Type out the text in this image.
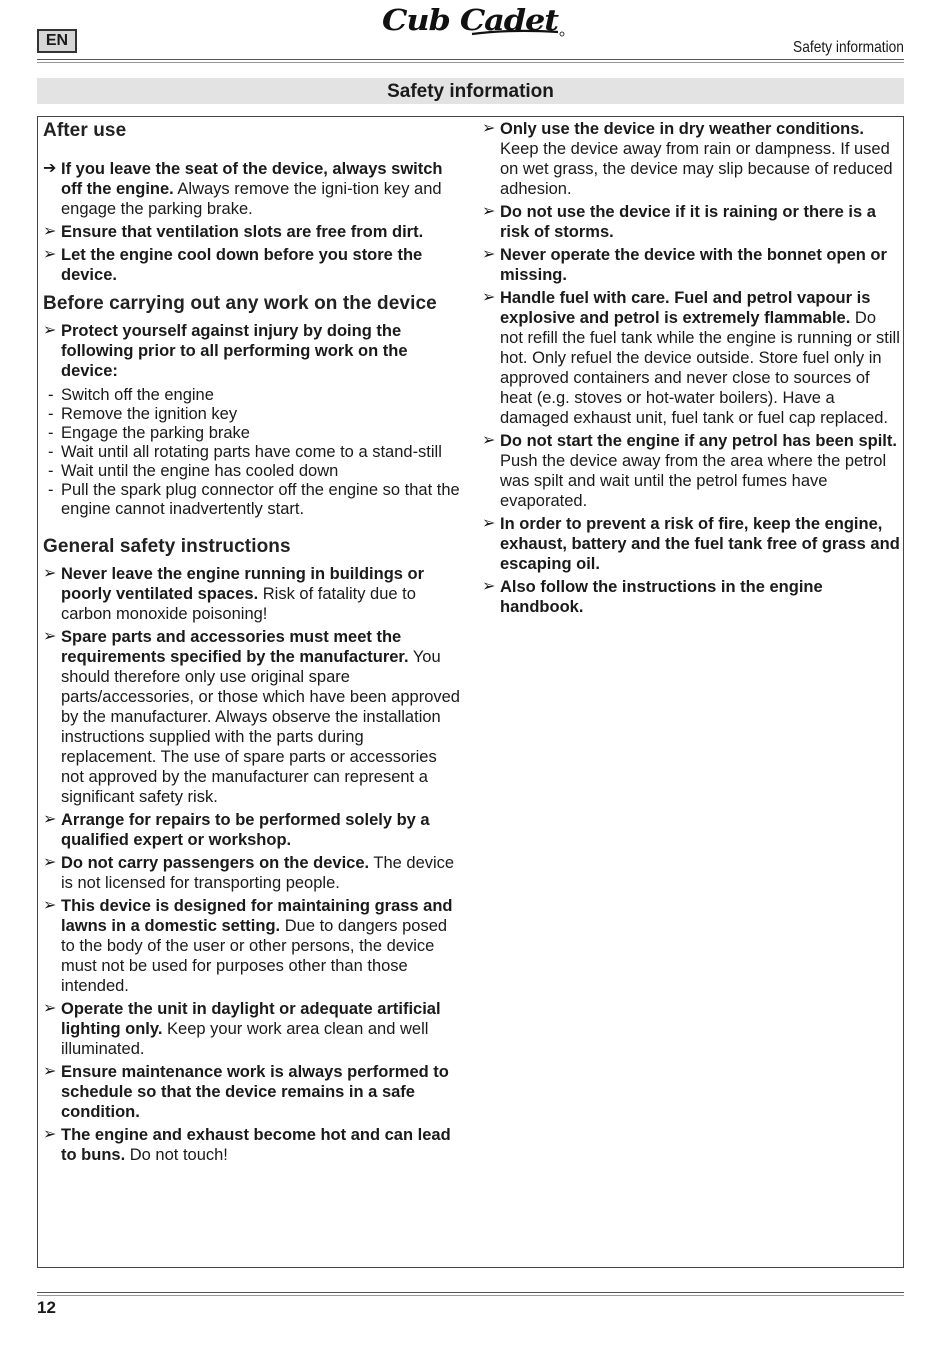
EN
Cub Cadet
Safety information
Safety information
After use
➔ If you leave the seat of the device, always switch off the engine. Always remove the igni-tion key and engage the parking brake.
➢ Ensure that ventilation slots are free from dirt.
➢ Let the engine cool down before you store the device.
Before carrying out any work on the device
➢ Protect yourself against injury by doing the following prior to all performing work on the device:
- Switch off the engine
- Remove the ignition key
- Engage the parking brake
- Wait until all rotating parts have come to a stand-still
- Wait until the engine has cooled down
- Pull the spark plug connector off the engine so that the engine cannot inadvertently start.
General safety instructions
➢ Never leave the engine running in buildings or poorly ventilated spaces. Risk of fatality due to carbon monoxide poisoning!
➢ Spare parts and accessories must meet the requirements specified by the manufacturer. You should therefore only use original spare parts/accessories, or those which have been approved by the manufacturer. Always observe the installation instructions supplied with the parts during replacement. The use of spare parts or accessories not approved by the manufacturer can represent a significant safety risk.
➢ Arrange for repairs to be performed solely by a qualified expert or workshop.
➢ Do not carry passengers on the device. The device is not licensed for transporting people.
➢ This device is designed for maintaining grass and lawns in a domestic setting. Due to dangers posed to the body of the user or other persons, the device must not be used for purposes other than those intended.
➢ Operate the unit in daylight or adequate artificial lighting only. Keep your work area clean and well illuminated.
➢ Ensure maintenance work is always performed to schedule so that the device remains in a safe condition.
➢ The engine and exhaust become hot and can lead to buns. Do not touch!
➢ Only use the device in dry weather conditions. Keep the device away from rain or dampness. If used on wet grass, the device may slip because of reduced adhesion.
➢ Do not use the device if it is raining or there is a risk of storms.
➢ Never operate the device with the bonnet open or missing.
➢ Handle fuel with care. Fuel and petrol vapour is explosive and petrol is extremely flammable. Do not refill the fuel tank while the engine is running or still hot. Only refuel the device outside. Store fuel only in approved containers and never close to sources of heat (e.g. stoves or hot-water boilers). Have a damaged exhaust unit, fuel tank or fuel cap replaced.
➢ Do not start the engine if any petrol has been spilt. Push the device away from the area where the petrol was spilt and wait until the petrol fumes have evaporated.
➢ In order to prevent a risk of fire, keep the engine, exhaust, battery and the fuel tank free of grass and escaping oil.
➢ Also follow the instructions in the engine handbook.
12
